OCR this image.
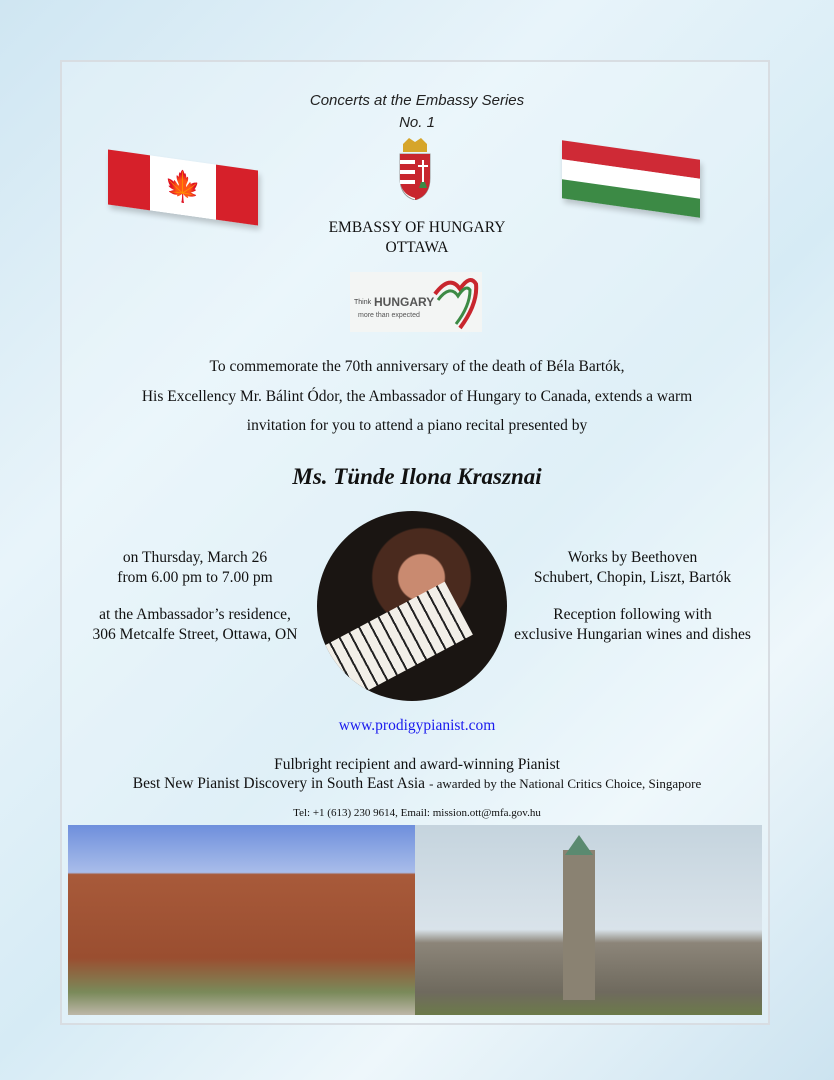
Concerts at the Embassy Series
No. 1
🍁
EMBASSY OF HUNGARY
OTTAWA
Think HUNGARY
more than expected
To commemorate the 70th anniversary of the death of Béla Bartók,
His Excellency Mr. Bálint Ódor, the Ambassador of Hungary to Canada, extends a warm
invitation for you to attend a piano recital presented by
Ms. Tünde Ilona Krasznai
on Thursday, March 26
from 6.00 pm to 7.00 pm
at the Ambassador’s residence,
306 Metcalfe Street, Ottawa, ON
Works by Beethoven
Schubert, Chopin, Liszt, Bartók
Reception following with
exclusive Hungarian wines and dishes
www.prodigypianist.com
Fulbright recipient and award-winning Pianist
Best New Pianist Discovery in South East Asia - awarded by the National Critics Choice, Singapore
Tel: +1 (613) 230 9614, Email: mission.ott@mfa.gov.hu
